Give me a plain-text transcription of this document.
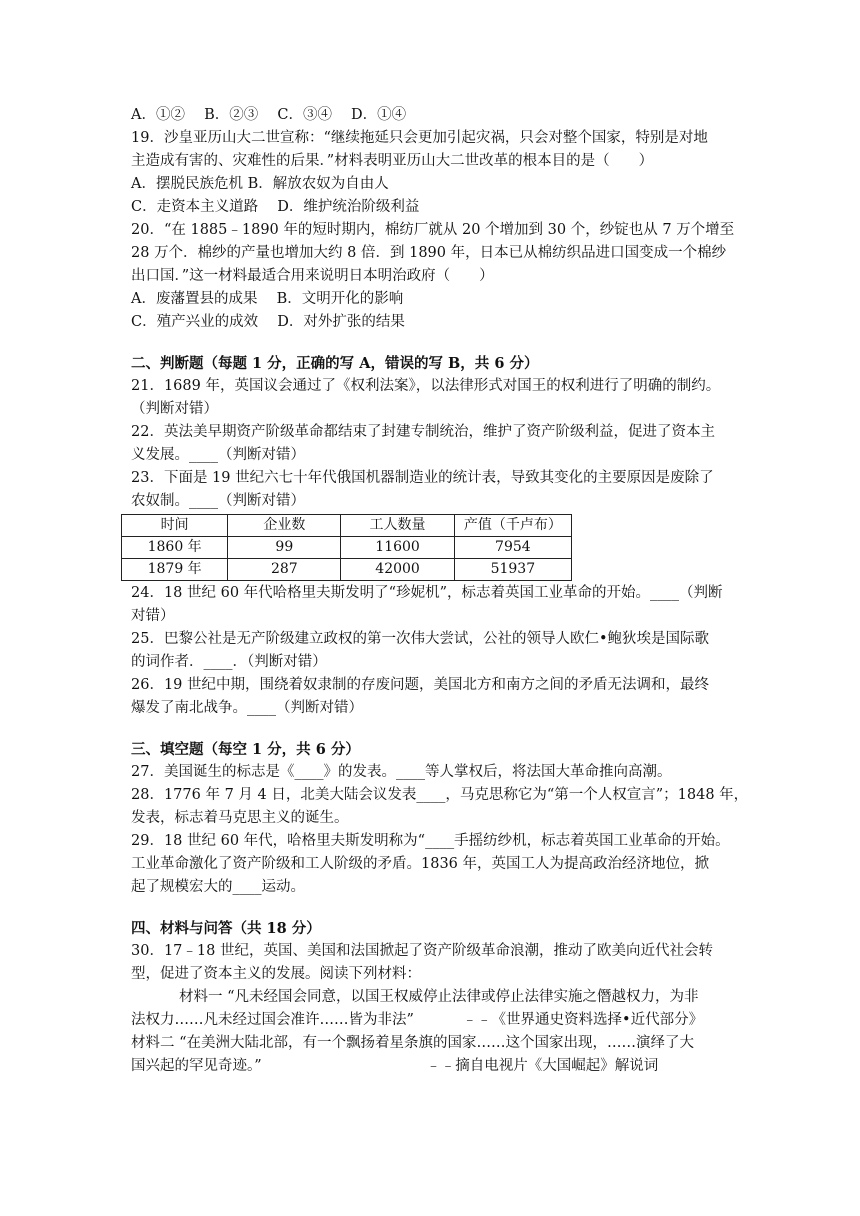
A．①②　 B．②③　 C．③④　 D．①④
19．沙皇亚历山大二世宣称：“继续拖延只会更加引起灾祸，只会对整个国家，特别是对地
主造成有害的、灾难性的后果．”材料表明亚历山大二世改革的根本目的是（　　）
A．摆脱民族危机 B．解放农奴为自由人
C．走资本主义道路　 D．维护统治阶级利益
20．“在 1885﹣1890 年的短时期内，棉纺厂就从 20 个增加到 30 个，纱锭也从 7 万个增至
28 万个．棉纱的产量也增加大约 8 倍．到 1890 年，日本已从棉纺织品进口国变成一个棉纱
出口国．”这一材料最适合用来说明日本明治政府（　　）
A．废藩置县的成果　 B．文明开化的影响
C．殖产兴业的成效　 D．对外扩张的结果
二、判断题（每题 1 分，正确的写 A，错误的写 B，共 6 分）
21．1689 年，英国议会通过了《权利法案》，以法律形式对国王的权利进行了明确的制约。
（判断对错）
22．英法美早期资产阶级革命都结束了封建专制统治，维护了资产阶级利益，促进了资本主
义发展。____（判断对错）
23．下面是 19 世纪六七十年代俄国机器制造业的统计表，导致其变化的主要原因是废除了
农奴制。____（判断对错）
时间	企业数	工人数量	产值（千卢布）
1860 年	99	11600	7954
1879 年	287	42000	51937
24．18 世纪 60 年代哈格里夫斯发明了“珍妮机”，标志着英国工业革命的开始。____（判断
对错）
25．巴黎公社是无产阶级建立政权的第一次伟大尝试，公社的领导人欧仁•鲍狄埃是国际歌
的词作者．____．（判断对错）
26．19 世纪中期，围绕着奴隶制的存废问题，美国北方和南方之间的矛盾无法调和，最终
爆发了南北战争。____（判断对错）
三、填空题（每空 1 分，共 6 分）
27．美国诞生的标志是《____》的发表。____等人掌权后，将法国大革命推向高潮。
28．1776 年 7 月 4 日，北美大陆会议发表____，马克思称它为“第一个人权宣言”；1848 年，
发表，标志着马克思主义的诞生。
29．18 世纪 60 年代，哈格里夫斯发明称为“____手摇纺纱机，标志着英国工业革命的开始。
工业革命激化了资产阶级和工人阶级的矛盾。1836 年，英国工人为提高政治经济地位，掀
起了规模宏大的____运动。
四、材料与问答（共 18 分）
30．17﹣18 世纪，英国、美国和法国掀起了资产阶级革命浪潮，推动了欧美向近代社会转
型，促进了资本主义的发展。阅读下列材料：
材料一 “凡未经国会同意，以国王权威停止法律或停止法律实施之僭越权力，为非
法权力……凡未经过国会准许……皆为非法”	﹣﹣《世界通史资料选择•近代部分》
材料二 “在美洲大陆北部，有一个飘扬着星条旗的国家……这个国家出现，……演绎了大
国兴起的罕见奇迹。”	﹣﹣摘自电视片《大国崛起》解说词
